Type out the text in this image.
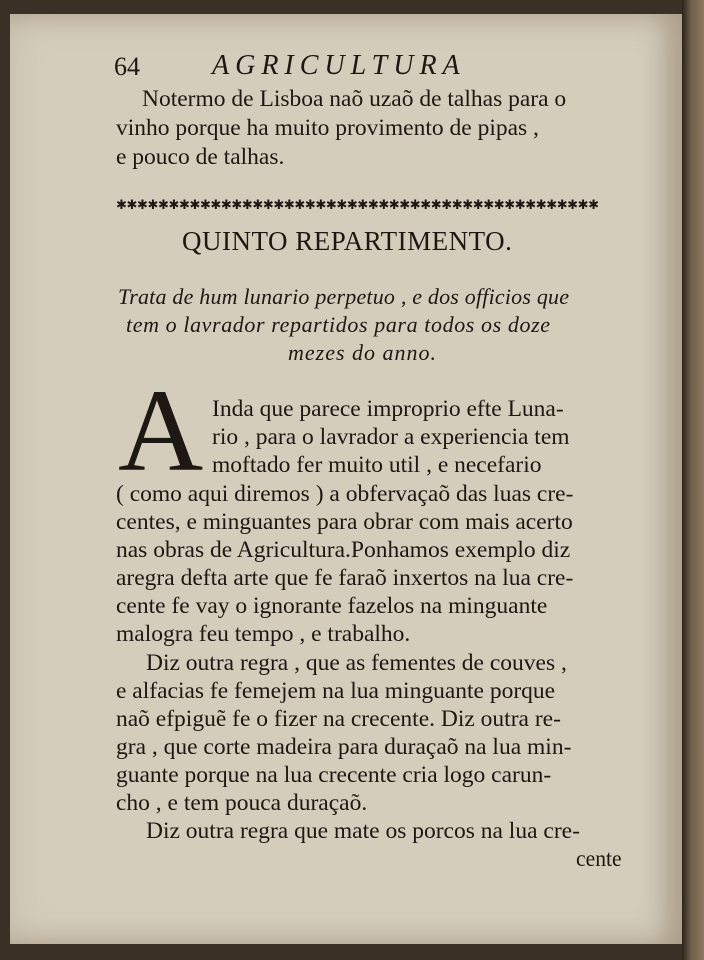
64	AGRICULTURA
Notermo de Lisboa naõ uzaõ de talhas para o
vinho porque ha muito provimento de pipas ,
e pouco de talhas.
✱✱✱✱✱✱✱✱✱✱✱✱✱✱✱✱✱✱✱✱✱✱✱✱✱✱✱✱✱✱✱✱✱✱✱✱✱✱✱✱✱✱✱✱✱✱
QUINTO REPARTIMENTO.
Trata de hum lunario perpetuo , e dos officios que
tem o lavrador repartidos para todos os doze
mezes do anno.
A Inda que parece improprio efte Luna-
rio , para o lavrador a experiencia tem
moftado fer muito util , e necefario
( como aqui diremos ) a obfervaçaõ das luas cre-
centes, e minguantes para obrar com mais acerto
nas obras de Agricultura.Ponhamos exemplo diz
aregra defta arte que fe faraõ inxertos na lua cre-
cente fe vay o ignorante fazelos na minguante
malogra feu tempo , e trabalho.
Diz outra regra , que as fementes de couves ,
e alfacias fe femejem na lua minguante porque
naõ efpiguẽ fe o fizer na crecente. Diz outra re-
gra , que corte madeira para duraçaõ na lua min-
guante porque na lua crecente cria logo carun-
cho , e tem pouca duraçaõ.
Diz outra regra que mate os porcos na lua cre-
cente
